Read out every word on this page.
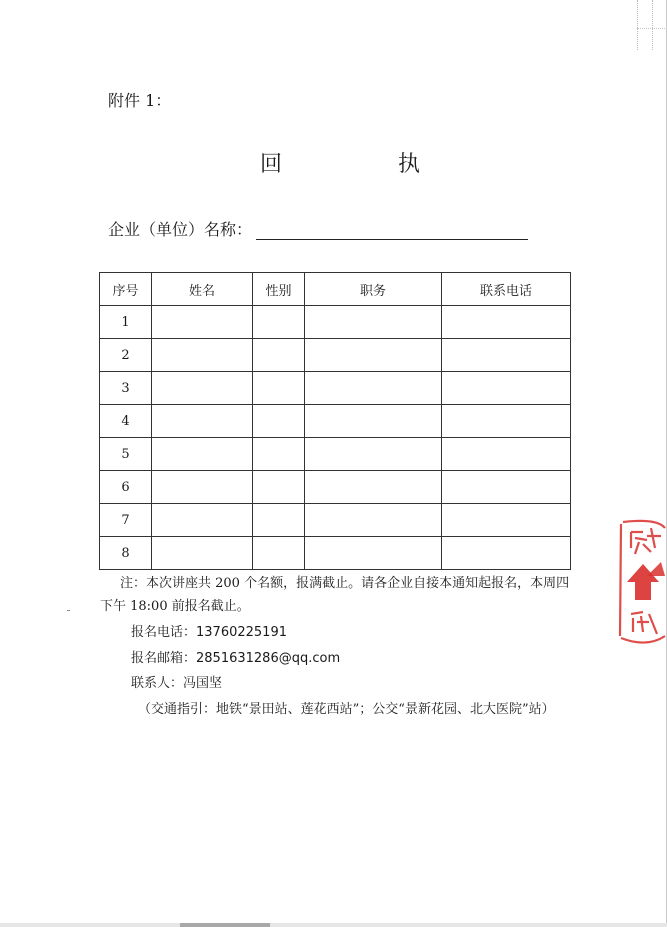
附件 1：
回	执
企业（单位）名称：
序号	姓名	性别	职务	联系电话
1				
2				
3				
4				
5				
6				
7				
8				

注：本次讲座共 200 个名额，报满截止。请各企业自接本通知起报名，本周四下午 18:00 前报名截止。

报名电话：13760225191
报名邮箱：2851631286@qq.com
联系人：冯国坚
（交通指引：地铁“景田站、莲花西站”；公交“景新花园、北大医院”站）
